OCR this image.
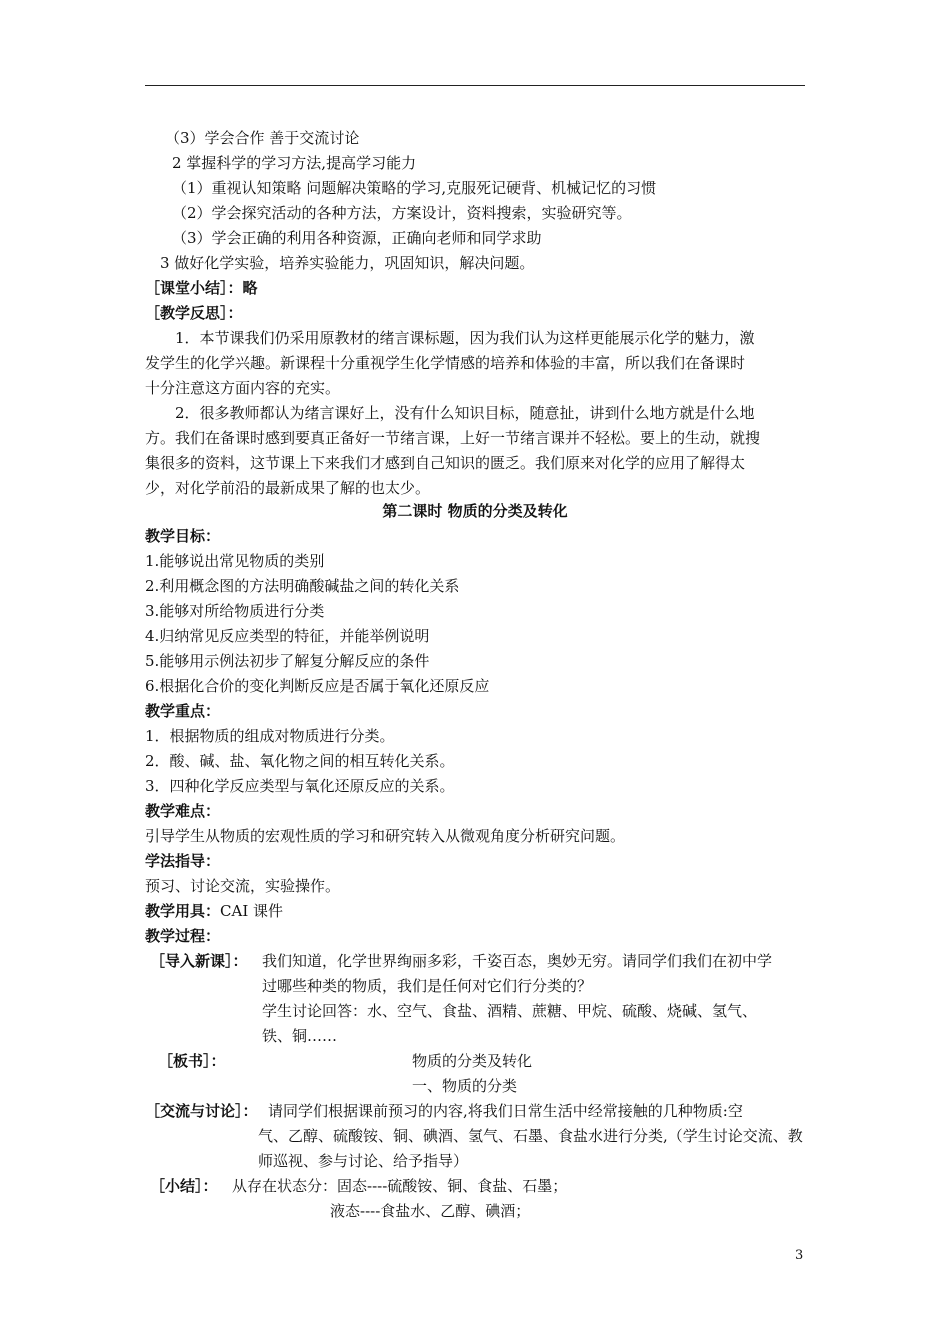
（3）学会合作 善于交流讨论
2 掌握科学的学习方法,提高学习能力
（1）重视认知策略 问题解决策略的学习,克服死记硬背、机械记忆的习惯
（2）学会探究活动的各种方法，方案设计，资料搜索，实验研究等。
（3）学会正确的利用各种资源，正确向老师和同学求助
3 做好化学实验，培养实验能力，巩固知识，解决问题。
［课堂小结］：略
［教学反思］：
1．本节课我们仍采用原教材的绪言课标题，因为我们认为这样更能展示化学的魅力，激
发学生的化学兴趣。新课程十分重视学生化学情感的培养和体验的丰富，所以我们在备课时
十分注意这方面内容的充实。
2．很多教师都认为绪言课好上，没有什么知识目标，随意扯，讲到什么地方就是什么地
方。我们在备课时感到要真正备好一节绪言课，上好一节绪言课并不轻松。要上的生动，就搜
集很多的资料，这节课上下来我们才感到自己知识的匮乏。我们原来对化学的应用了解得太
少，对化学前沿的最新成果了解的也太少。
第二课时 物质的分类及转化
教学目标：
1.能够说出常见物质的类别
2.利用概念图的方法明确酸碱盐之间的转化关系
3.能够对所给物质进行分类
4.归纳常见反应类型的特征，并能举例说明
5.能够用示例法初步了解复分解反应的条件
6.根据化合价的变化判断反应是否属于氧化还原反应
教学重点：
1．根据物质的组成对物质进行分类。
2．酸、碱、盐、氧化物之间的相互转化关系。
3．四种化学反应类型与氧化还原反应的关系。
教学难点：
引导学生从物质的宏观性质的学习和研究转入从微观角度分析研究问题。
学法指导：
预习、讨论交流，实验操作。
教学用具：CAI 课件
教学过程：
［导入新课］： 我们知道，化学世界绚丽多彩，千姿百态，奥妙无穷。请同学们我们在初中学
过哪些种类的物质，我们是任何对它们行分类的？
学生讨论回答：水、空气、食盐、酒精、蔗糖、甲烷、硫酸、烧碱、氢气、
铁、铜……
［板书］：	物质的分类及转化
一、物质的分类
［交流与讨论］： 请同学们根据课前预习的内容,将我们日常生活中经常接触的几种物质:空
气、乙醇、硫酸铵、铜、碘酒、氢气、石墨、食盐水进行分类,（学生讨论交流、教
师巡视、参与讨论、给予指导）
［小结］： 从存在状态分：固态----硫酸铵、铜、食盐、石墨；
液态----食盐水、乙醇、碘酒；
3
